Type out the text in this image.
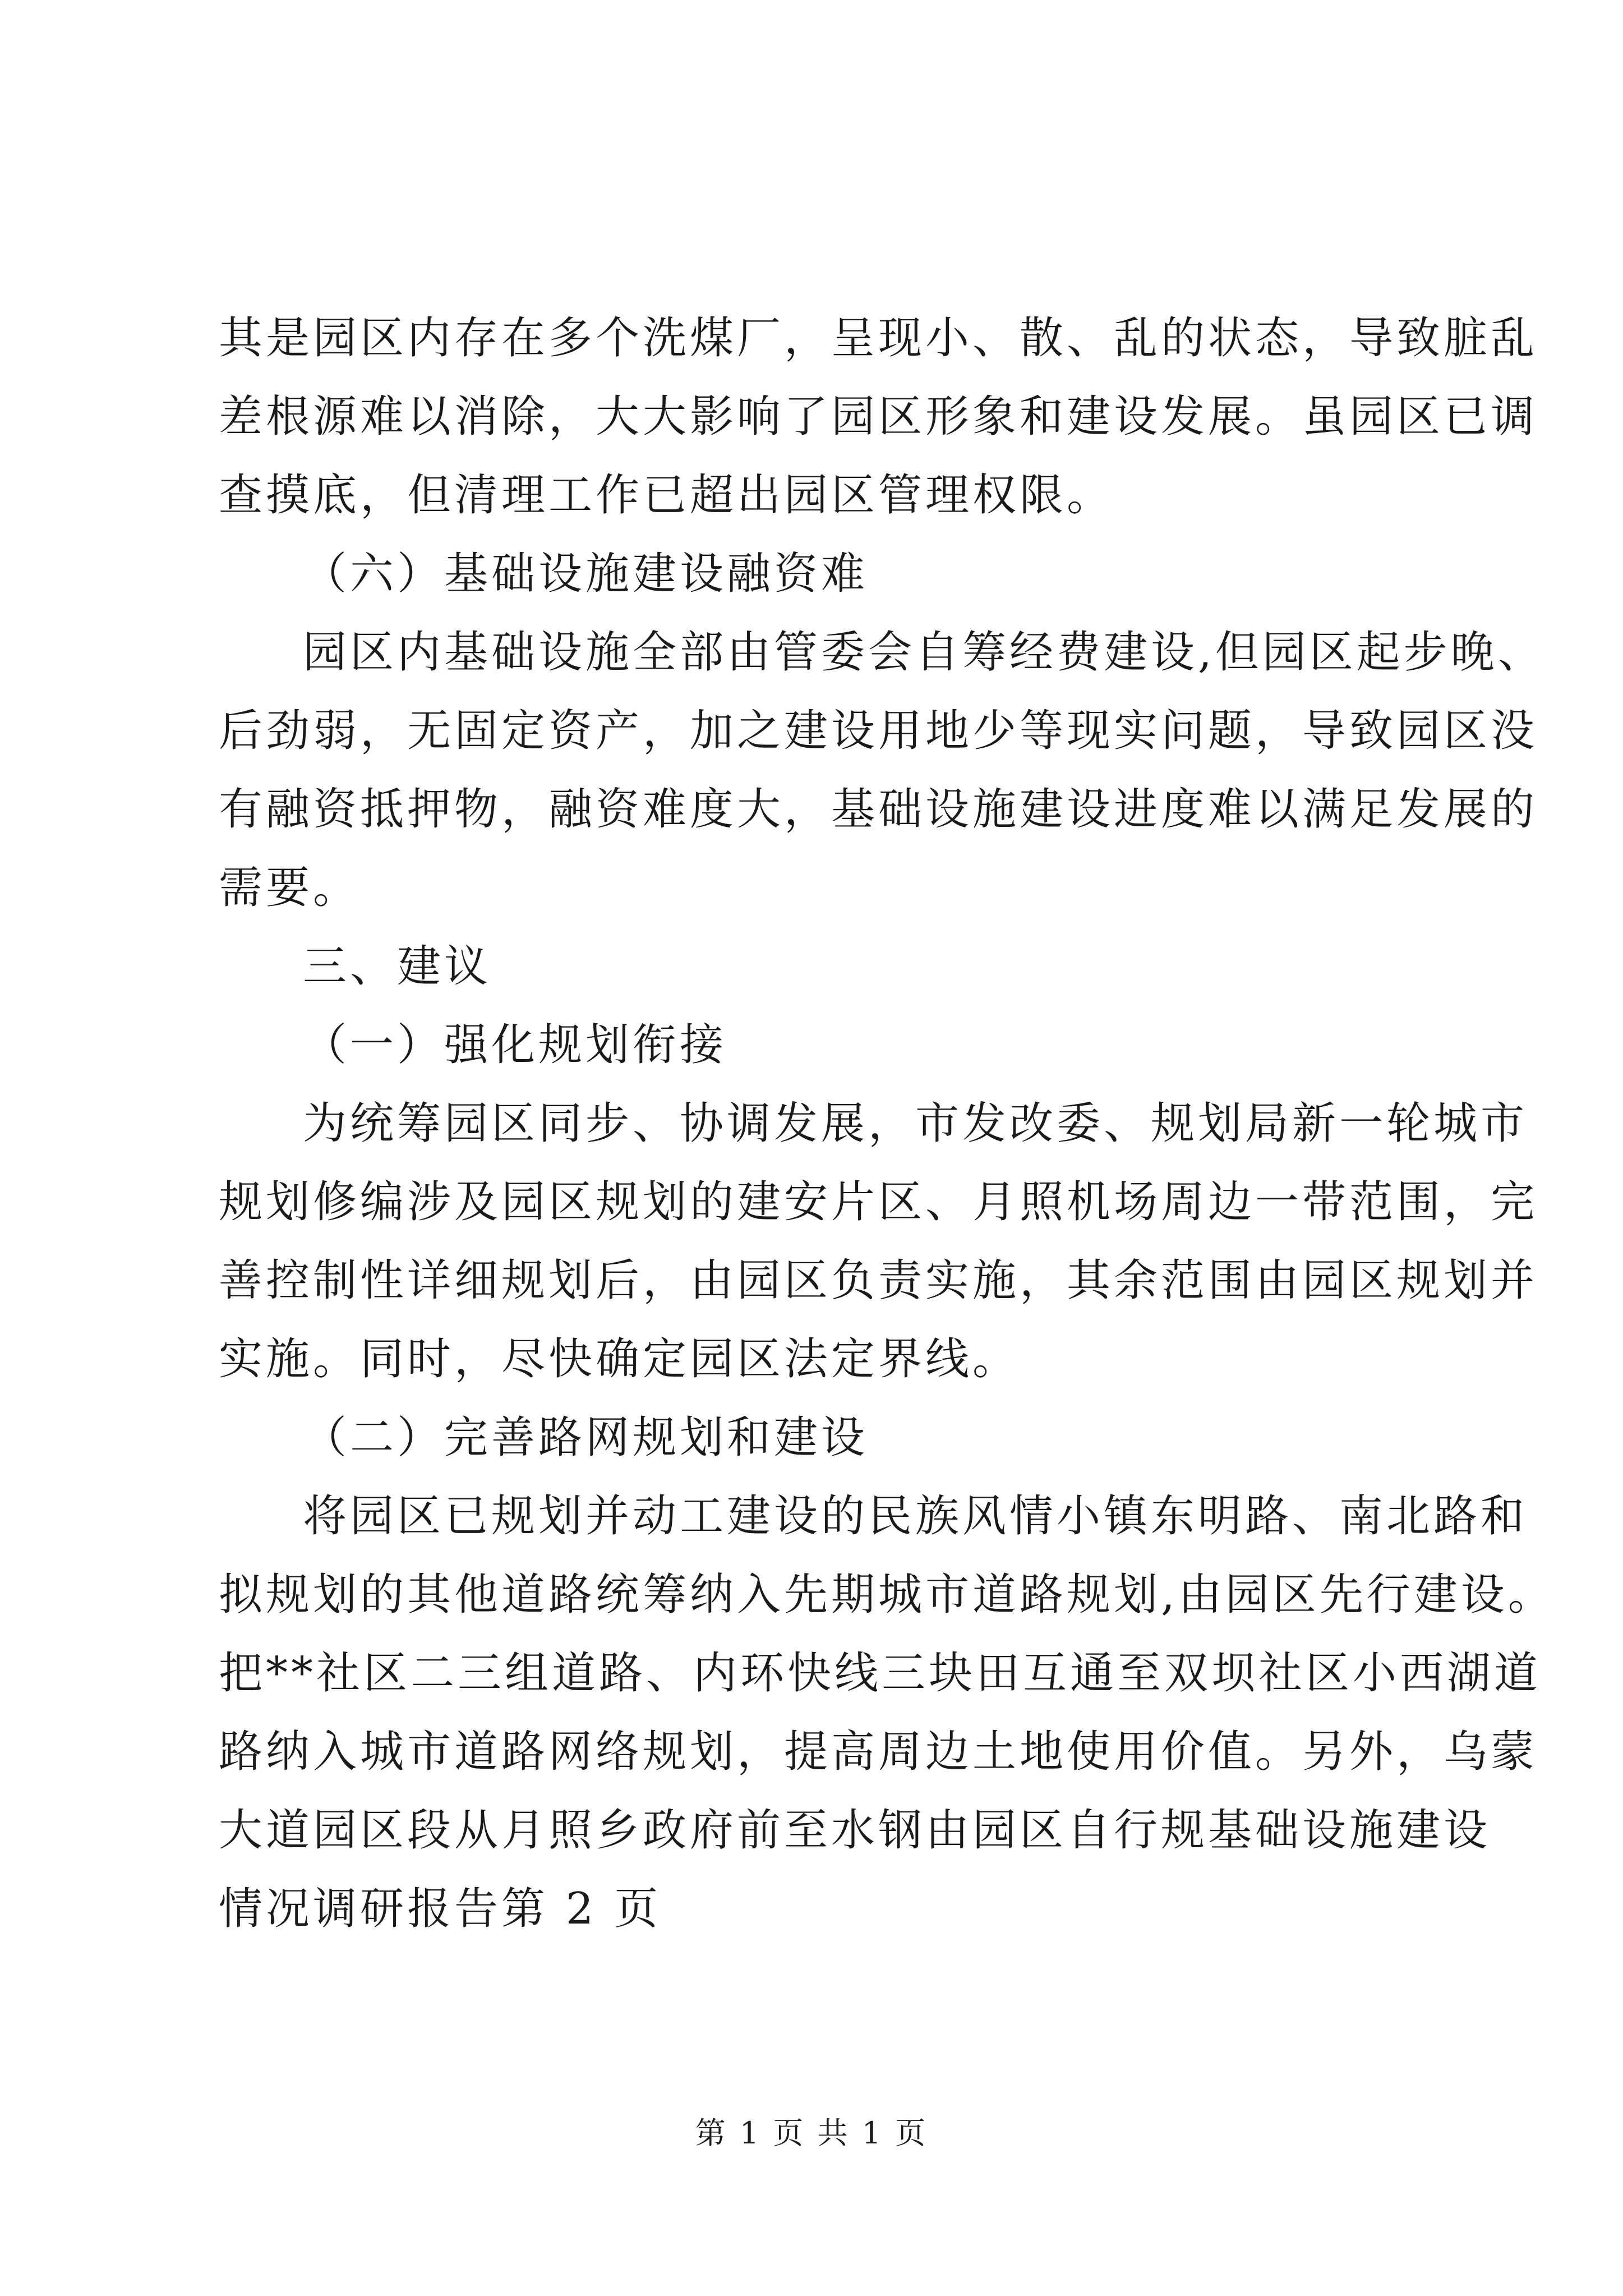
其是园区内存在多个洗煤厂，呈现小、散、乱的状态，导致脏乱
差根源难以消除，大大影响了园区形象和建设发展。虽园区已调
查摸底，但清理工作已超出园区管理权限。
（六）基础设施建设融资难
园区内基础设施全部由管委会自筹经费建设,但园区起步晚、
后劲弱，无固定资产，加之建设用地少等现实问题，导致园区没
有融资抵押物，融资难度大，基础设施建设进度难以满足发展的
需要。
三、建议
（一）强化规划衔接
为统筹园区同步、协调发展，市发改委、规划局新一轮城市
规划修编涉及园区规划的建安片区、月照机场周边一带范围，完
善控制性详细规划后，由园区负责实施，其余范围由园区规划并
实施。同时，尽快确定园区法定界线。
（二）完善路网规划和建设
将园区已规划并动工建设的民族风情小镇东明路、南北路和
拟规划的其他道路统筹纳入先期城市道路规划,由园区先行建设。
把**社区二三组道路、内环快线三块田互通至双坝社区小西湖道
路纳入城市道路网络规划，提高周边土地使用价值。另外，乌蒙
大道园区段从月照乡政府前至水钢由园区自行规基础设施建设
情况调研报告第 2 页
第 1 页 共 1 页
